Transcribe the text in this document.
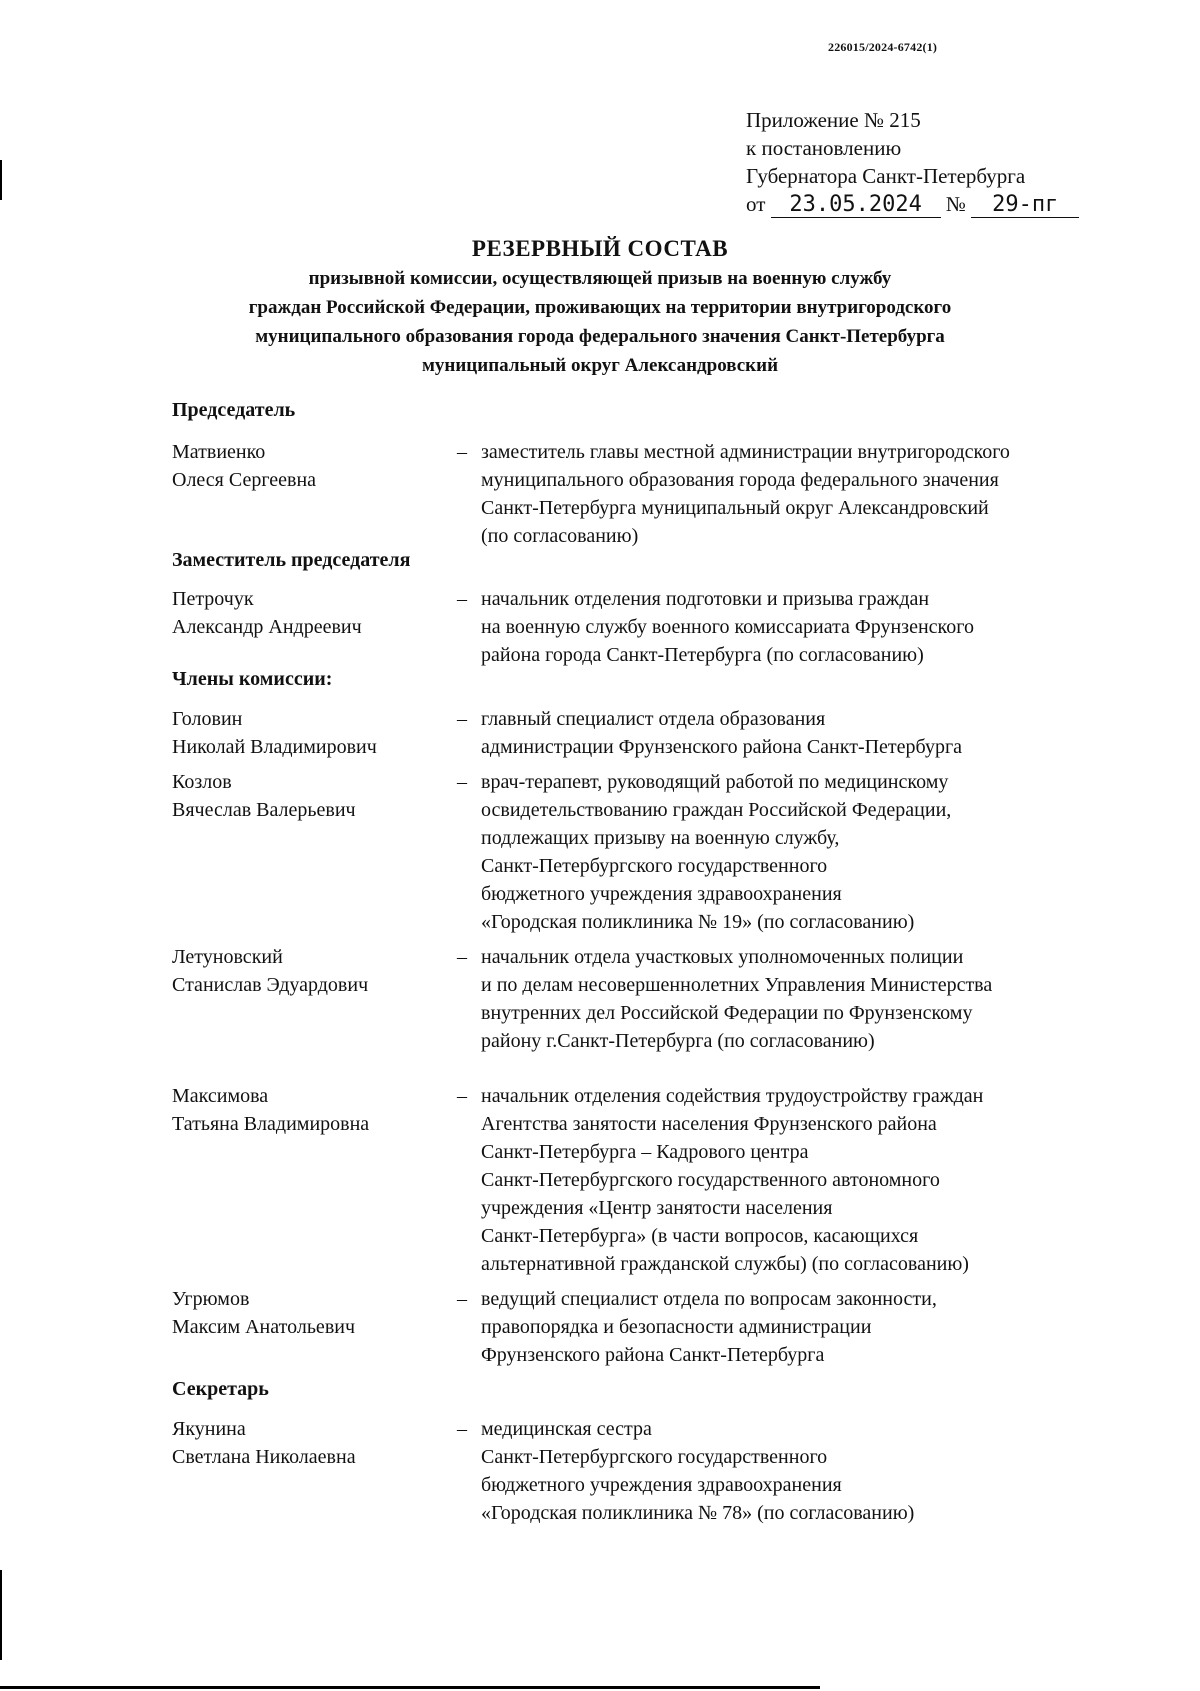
226015/2024-6742(1)
Приложение № 215
к постановлению
Губернатора Санкт-Петербурга
от 23.05.2024 № 29-пг
РЕЗЕРВНЫЙ СОСТАВ
призывной комиссии, осуществляющей призыв на военную службу
граждан Российской Федерации, проживающих на территории внутригородского
муниципального образования города федерального значения Санкт-Петербурга
муниципальный округ Александровский
Председатель
Матвиенко
Олеся Сергеевна
– заместитель главы местной администрации внутригородского
муниципального образования города федерального значения
Санкт-Петербурга муниципальный округ Александровский
(по согласованию)
Заместитель председателя
Петрочук
Александр Андреевич
– начальник отделения подготовки и призыва граждан
на военную службу военного комиссариата Фрунзенского
района города Санкт-Петербурга (по согласованию)
Члены комиссии:
Головин
Николай Владимирович
– главный специалист отдела образования
администрации Фрунзенского района Санкт-Петербурга
Козлов
Вячеслав Валерьевич
– врач-терапевт, руководящий работой по медицинскому
освидетельствованию граждан Российской Федерации,
подлежащих призыву на военную службу,
Санкт-Петербургского государственного
бюджетного учреждения здравоохранения
«Городская поликлиника № 19» (по согласованию)
Летуновский
Станислав Эдуардович
– начальник отдела участковых уполномоченных полиции
и по делам несовершеннолетних Управления Министерства
внутренних дел Российской Федерации по Фрунзенскому
району г.Санкт-Петербурга (по согласованию)
Максимова
Татьяна Владимировна
– начальник отделения содействия трудоустройству граждан
Агентства занятости населения Фрунзенского района
Санкт-Петербурга – Кадрового центра
Санкт-Петербургского государственного автономного
учреждения «Центр занятости населения
Санкт-Петербурга» (в части вопросов, касающихся
альтернативной гражданской службы) (по согласованию)
Угрюмов
Максим Анатольевич
– ведущий специалист отдела по вопросам законности,
правопорядка и безопасности администрации
Фрунзенского района Санкт-Петербурга
Секретарь
Якунина
Светлана Николаевна
– медицинская сестра
Санкт-Петербургского государственного
бюджетного учреждения здравоохранения
«Городская поликлиника № 78» (по согласованию)
